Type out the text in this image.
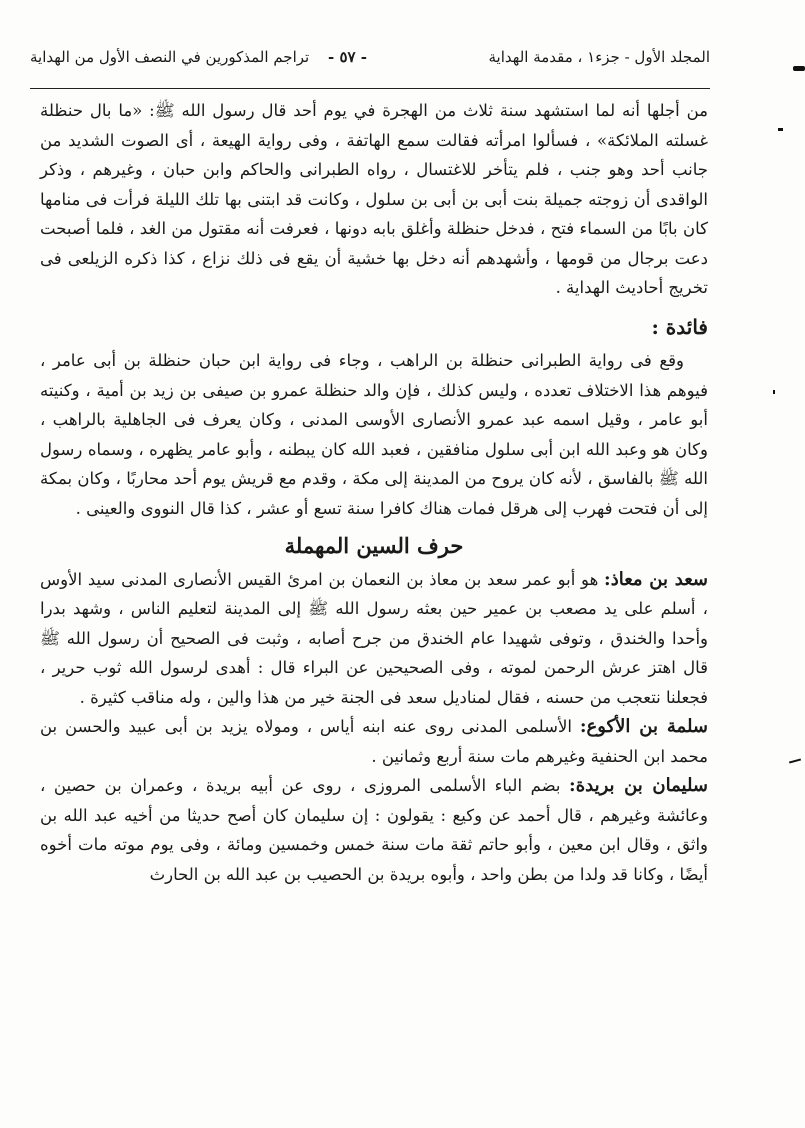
المجلد الأول - جزء١ ، مقدمة الهداية
- ٥٧ - تراجم المذكورين في النصف الأول من الهداية

من أجلها أنه لما استشهد سنة ثلاث من الهجرة في يوم أحد قال رسول الله ﷺ: «ما بال حنظلة غسلته الملائكة» ، فسألوا امرأته فقالت سمع الهاتفة ، وفى رواية الهيعة ، أى الصوت الشديد من جانب أحد وهو جنب ، فلم يتأخر للاغتسال ، رواه الطبرانى والحاكم وابن حبان ، وغيرهم ، وذكر الواقدى أن زوجته جميلة بنت أبى بن أبى بن سلول ، وكانت قد ابتنى بها تلك الليلة فرأت فى منامها كان بابًا من السماء فتح ، فدخل حنظلة وأغلق بابه دونها ، فعرفت أنه مقتول من الغد ، فلما أصبحت دعت برجال من قومها ، وأشهدهم أنه دخل بها خشية أن يقع فى ذلك نزاع ، كذا ذكره الزيلعى فى تخريج أحاديث الهداية .

فائدة :

وقع فى رواية الطبرانى حنظلة بن الراهب ، وجاء فى رواية ابن حبان حنظلة بن أبى عامر ، فيوهم هذا الاختلاف تعدده ، وليس كذلك ، فإن والد حنظلة عمرو بن صيفى بن زيد بن أمية ، وكنيته أبو عامر ، وقيل اسمه عبد عمرو الأنصارى الأوسى المدنى ، وكان يعرف فى الجاهلية بالراهب ، وكان هو وعبد الله ابن أبى سلول منافقين ، فعبد الله كان يبطنه ، وأبو عامر يظهره ، وسماه رسول الله ﷺ بالفاسق ، لأنه كان يروح من المدينة إلى مكة ، وقدم مع قريش يوم أحد محاربًا ، وكان بمكة إلى أن فتحت فهرب إلى هرقل فمات هناك كافرا سنة تسع أو عشر ، كذا قال النووى والعينى .

حرف السين المهملة

سعد بن معاذ: هو أبو عمر سعد بن معاذ بن النعمان بن امرئ القيس الأنصارى المدنى سيد الأوس ، أسلم على يد مصعب بن عمير حين بعثه رسول الله ﷺ إلى المدينة لتعليم الناس ، وشهد بدرا وأحدا والخندق ، وتوفى شهيدا عام الخندق من جرح أصابه ، وثبت فى الصحيح أن رسول الله ﷺ قال اهتز عرش الرحمن لموته ، وفى الصحيحين عن البراء قال : أهدى لرسول الله ثوب حرير ، فجعلنا نتعجب من حسنه ، فقال لمناديل سعد فى الجنة خير من هذا والين ، وله مناقب كثيرة .

سلمة بن الأكوع: الأسلمى المدنى روى عنه ابنه أياس ، ومولاه يزيد بن أبى عبيد والحسن بن محمد ابن الحنفية وغيرهم مات سنة أربع وثمانين .

سليمان بن بريدة: بضم الباء الأسلمى المروزى ، روى عن أبيه بريدة ، وعمران بن حصين ، وعائشة وغيرهم ، قال أحمد عن وكيع : يقولون : إن سليمان كان أصح حديثا من أخيه عبد الله بن واثق ، وقال ابن معين ، وأبو حاتم ثقة مات سنة خمس وخمسين ومائة ، وفى يوم موته مات أخوه أيضًا ، وكانا قد ولدا من بطن واحد ، وأبوه بريدة بن الحصيب بن عبد الله بن الحارث
